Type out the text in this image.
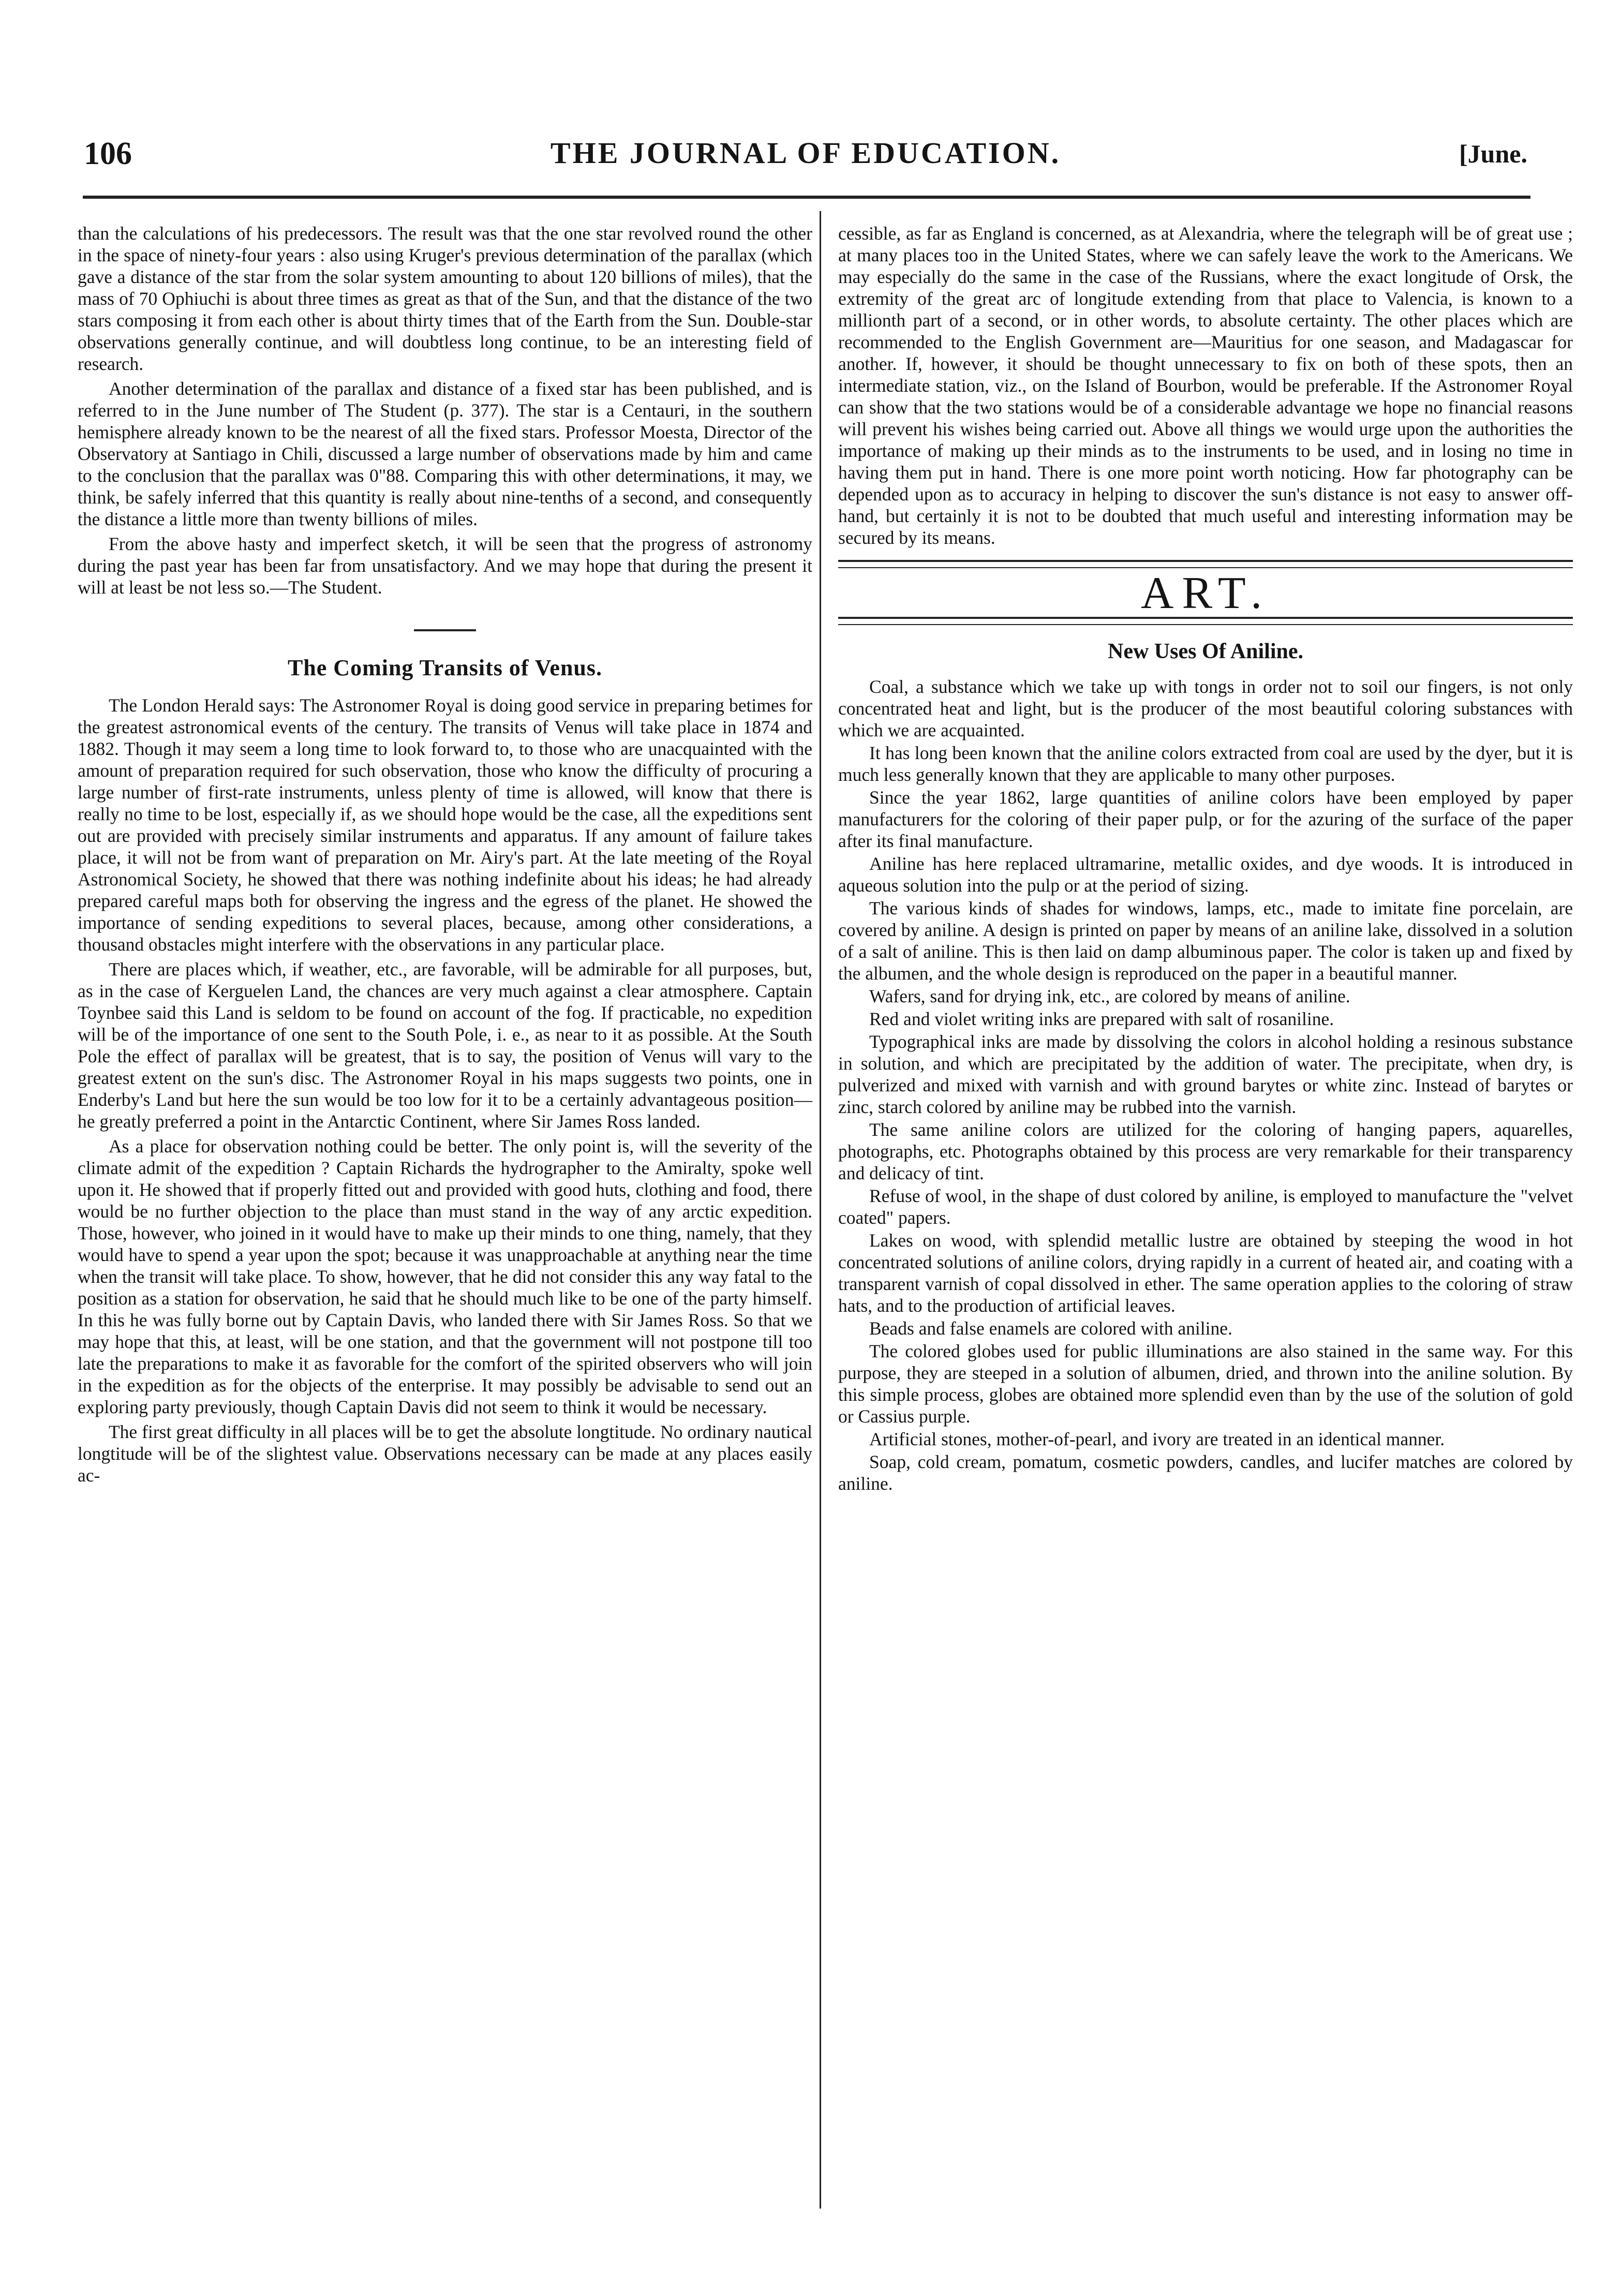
106	THE JOURNAL OF EDUCATION.	[June.

than the calculations of his predecessors. The result was that the one star revolved round the other in the space of ninety-four years : also using Kruger's previous determination of the parallax (which gave a distance of the star from the solar system amounting to about 120 billions of miles), that the mass of 70 Ophiuchi is about three times as great as that of the Sun, and that the distance of the two stars composing it from each other is about thirty times that of the Earth from the Sun. Double-star observations generally continue, and will doubtless long continue, to be an interesting field of research.

Another determination of the parallax and distance of a fixed star has been published, and is referred to in the June number of The Student (p. 377). The star is a Centauri, in the southern hemisphere already known to be the nearest of all the fixed stars. Professor Moesta, Director of the Observatory at Santiago in Chili, discussed a large number of observations made by him and came to the conclusion that the parallax was 0"88. Comparing this with other determinations, it may, we think, be safely inferred that this quantity is really about nine-tenths of a second, and consequently the distance a little more than twenty billions of miles.

From the above hasty and imperfect sketch, it will be seen that the progress of astronomy during the past year has been far from unsatisfactory. And we may hope that during the present it will at least be not less so.—The Student.

The Coming Transits of Venus.

The London Herald says: The Astronomer Royal is doing good service in preparing betimes for the greatest astronomical events of the century. The transits of Venus will take place in 1874 and 1882. Though it may seem a long time to look forward to, to those who are unacquainted with the amount of preparation required for such observation, those who know the difficulty of procuring a large number of first-rate instruments, unless plenty of time is allowed, will know that there is really no time to be lost, especially if, as we should hope would be the case, all the expeditions sent out are provided with precisely similar instruments and apparatus. If any amount of failure takes place, it will not be from want of preparation on Mr. Airy's part. At the late meeting of the Royal Astronomical Society, he showed that there was nothing indefinite about his ideas; he had already prepared careful maps both for observing the ingress and the egress of the planet. He showed the importance of sending expeditions to several places, because, among other considerations, a thousand obstacles might interfere with the observations in any particular place.

There are places which, if weather, etc., are favorable, will be admirable for all purposes, but, as in the case of Kerguelen Land, the chances are very much against a clear atmosphere. Captain Toynbee said this Land is seldom to be found on account of the fog. If practicable, no expedition will be of the importance of one sent to the South Pole, i. e., as near to it as possible. At the South Pole the effect of parallax will be greatest, that is to say, the position of Venus will vary to the greatest extent on the sun's disc. The Astronomer Royal in his maps suggests two points, one in Enderby's Land but here the sun would be too low for it to be a certainly advantageous position—he greatly preferred a point in the Antarctic Continent, where Sir James Ross landed.

As a place for observation nothing could be better. The only point is, will the severity of the climate admit of the expedition ? Captain Richards the hydrographer to the Amiralty, spoke well upon it. He showed that if properly fitted out and provided with good huts, clothing and food, there would be no further objection to the place than must stand in the way of any arctic expedition. Those, however, who joined in it would have to make up their minds to one thing, namely, that they would have to spend a year upon the spot; because it was unapproachable at anything near the time when the transit will take place. To show, however, that he did not consider this any way fatal to the position as a station for observation, he said that he should much like to be one of the party himself. In this he was fully borne out by Captain Davis, who landed there with Sir James Ross. So that we may hope that this, at least, will be one station, and that the government will not postpone till too late the preparations to make it as favorable for the comfort of the spirited observers who will join in the expedition as for the objects of the enterprise. It may possibly be advisable to send out an exploring party previously, though Captain Davis did not seem to think it would be necessary.

The first great difficulty in all places will be to get the absolute longtitude. No ordinary nautical longtitude will be of the slightest value. Observations necessary can be made at any places easily ac-

cessible, as far as England is concerned, as at Alexandria, where the telegraph will be of great use ; at many places too in the United States, where we can safely leave the work to the Americans. We may especially do the same in the case of the Russians, where the exact longitude of Orsk, the extremity of the great arc of longitude extending from that place to Valencia, is known to a millionth part of a second, or in other words, to absolute certainty. The other places which are recommended to the English Government are—Mauritius for one season, and Madagascar for another. If, however, it should be thought unnecessary to fix on both of these spots, then an intermediate station, viz., on the Island of Bourbon, would be preferable. If the Astronomer Royal can show that the two stations would be of a considerable advantage we hope no financial reasons will prevent his wishes being carried out. Above all things we would urge upon the authorities the importance of making up their minds as to the instruments to be used, and in losing no time in having them put in hand. There is one more point worth noticing. How far photography can be depended upon as to accuracy in helping to discover the sun's distance is not easy to answer off-hand, but certainly it is not to be doubted that much useful and interesting information may be secured by its means.

ART.
New Uses Of Aniline.

Coal, a substance which we take up with tongs in order not to soil our fingers, is not only concentrated heat and light, but is the producer of the most beautiful coloring substances with which we are acquainted.

It has long been known that the aniline colors extracted from coal are used by the dyer, but it is much less generally known that they are applicable to many other purposes.

Since the year 1862, large quantities of aniline colors have been employed by paper manufacturers for the coloring of their paper pulp, or for the azuring of the surface of the paper after its final manufacture.

Aniline has here replaced ultramarine, metallic oxides, and dye woods. It is introduced in aqueous solution into the pulp or at the period of sizing.

The various kinds of shades for windows, lamps, etc., made to imitate fine porcelain, are covered by aniline. A design is printed on paper by means of an aniline lake, dissolved in a solution of a salt of aniline. This is then laid on damp albuminous paper. The color is taken up and fixed by the albumen, and the whole design is reproduced on the paper in a beautiful manner.

Wafers, sand for drying ink, etc., are colored by means of aniline.

Red and violet writing inks are prepared with salt of rosaniline.

Typographical inks are made by dissolving the colors in alcohol holding a resinous substance in solution, and which are precipitated by the addition of water. The precipitate, when dry, is pulverized and mixed with varnish and with ground barytes or white zinc. Instead of barytes or zinc, starch colored by aniline may be rubbed into the varnish.

The same aniline colors are utilized for the coloring of hanging papers, aquarelles, photographs, etc. Photographs obtained by this process are very remarkable for their transparency and delicacy of tint.

Refuse of wool, in the shape of dust colored by aniline, is employed to manufacture the "velvet coated" papers.

Lakes on wood, with splendid metallic lustre are obtained by steeping the wood in hot concentrated solutions of aniline colors, drying rapidly in a current of heated air, and coating with a transparent varnish of copal dissolved in ether. The same operation applies to the coloring of straw hats, and to the production of artificial leaves.

Beads and false enamels are colored with aniline.

The colored globes used for public illuminations are also stained in the same way. For this purpose, they are steeped in a solution of albumen, dried, and thrown into the aniline solution. By this simple process, globes are obtained more splendid even than by the use of the solution of gold or Cassius purple.

Artificial stones, mother-of-pearl, and ivory are treated in an identical manner.

Soap, cold cream, pomatum, cosmetic powders, candles, and lucifer matches are colored by aniline.
